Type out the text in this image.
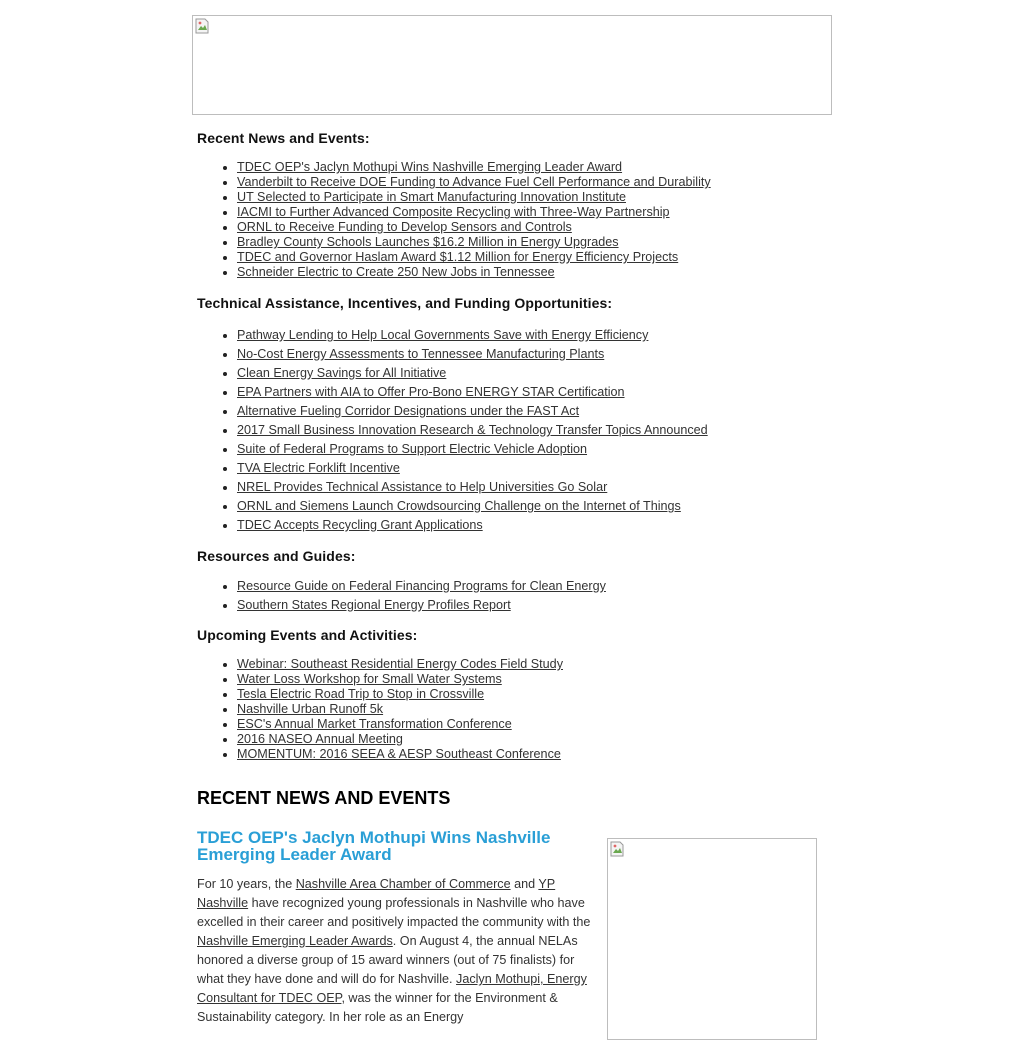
Recent News and Events:
• TDEC OEP's Jaclyn Mothupi Wins Nashville Emerging Leader Award
• Vanderbilt to Receive DOE Funding to Advance Fuel Cell Performance and Durability
• UT Selected to Participate in Smart Manufacturing Innovation Institute
• IACMI to Further Advanced Composite Recycling with Three-Way Partnership
• ORNL to Receive Funding to Develop Sensors and Controls
• Bradley County Schools Launches $16.2 Million in Energy Upgrades
• TDEC and Governor Haslam Award $1.12 Million for Energy Efficiency Projects
• Schneider Electric to Create 250 New Jobs in Tennessee
Technical Assistance, Incentives, and Funding Opportunities:
• Pathway Lending to Help Local Governments Save with Energy Efficiency
• No-Cost Energy Assessments to Tennessee Manufacturing Plants
• Clean Energy Savings for All Initiative
• EPA Partners with AIA to Offer Pro-Bono ENERGY STAR Certification
• Alternative Fueling Corridor Designations under the FAST Act
• 2017 Small Business Innovation Research & Technology Transfer Topics Announced
• Suite of Federal Programs to Support Electric Vehicle Adoption
• TVA Electric Forklift Incentive
• NREL Provides Technical Assistance to Help Universities Go Solar
• ORNL and Siemens Launch Crowdsourcing Challenge on the Internet of Things
• TDEC Accepts Recycling Grant Applications
Resources and Guides:
• Resource Guide on Federal Financing Programs for Clean Energy
• Southern States Regional Energy Profiles Report
Upcoming Events and Activities:
• Webinar: Southeast Residential Energy Codes Field Study
• Water Loss Workshop for Small Water Systems
• Tesla Electric Road Trip to Stop in Crossville
• Nashville Urban Runoff 5k
• ESC's Annual Market Transformation Conference
• 2016 NASEO Annual Meeting
• MOMENTUM: 2016 SEEA & AESP Southeast Conference
RECENT NEWS AND EVENTS
TDEC OEP's Jaclyn Mothupi Wins Nashville Emerging Leader Award

For 10 years, the Nashville Area Chamber of Commerce and YP Nashville have recognized young professionals in Nashville who have excelled in their career and positively impacted the community with the Nashville Emerging Leader Awards. On August 4, the annual NELAs honored a diverse group of 15 award winners (out of 75 finalists) for what they have done and will do for Nashville. Jaclyn Mothupi, Energy Consultant for TDEC OEP, was the winner for the Environment & Sustainability category. In her role as an Energy
